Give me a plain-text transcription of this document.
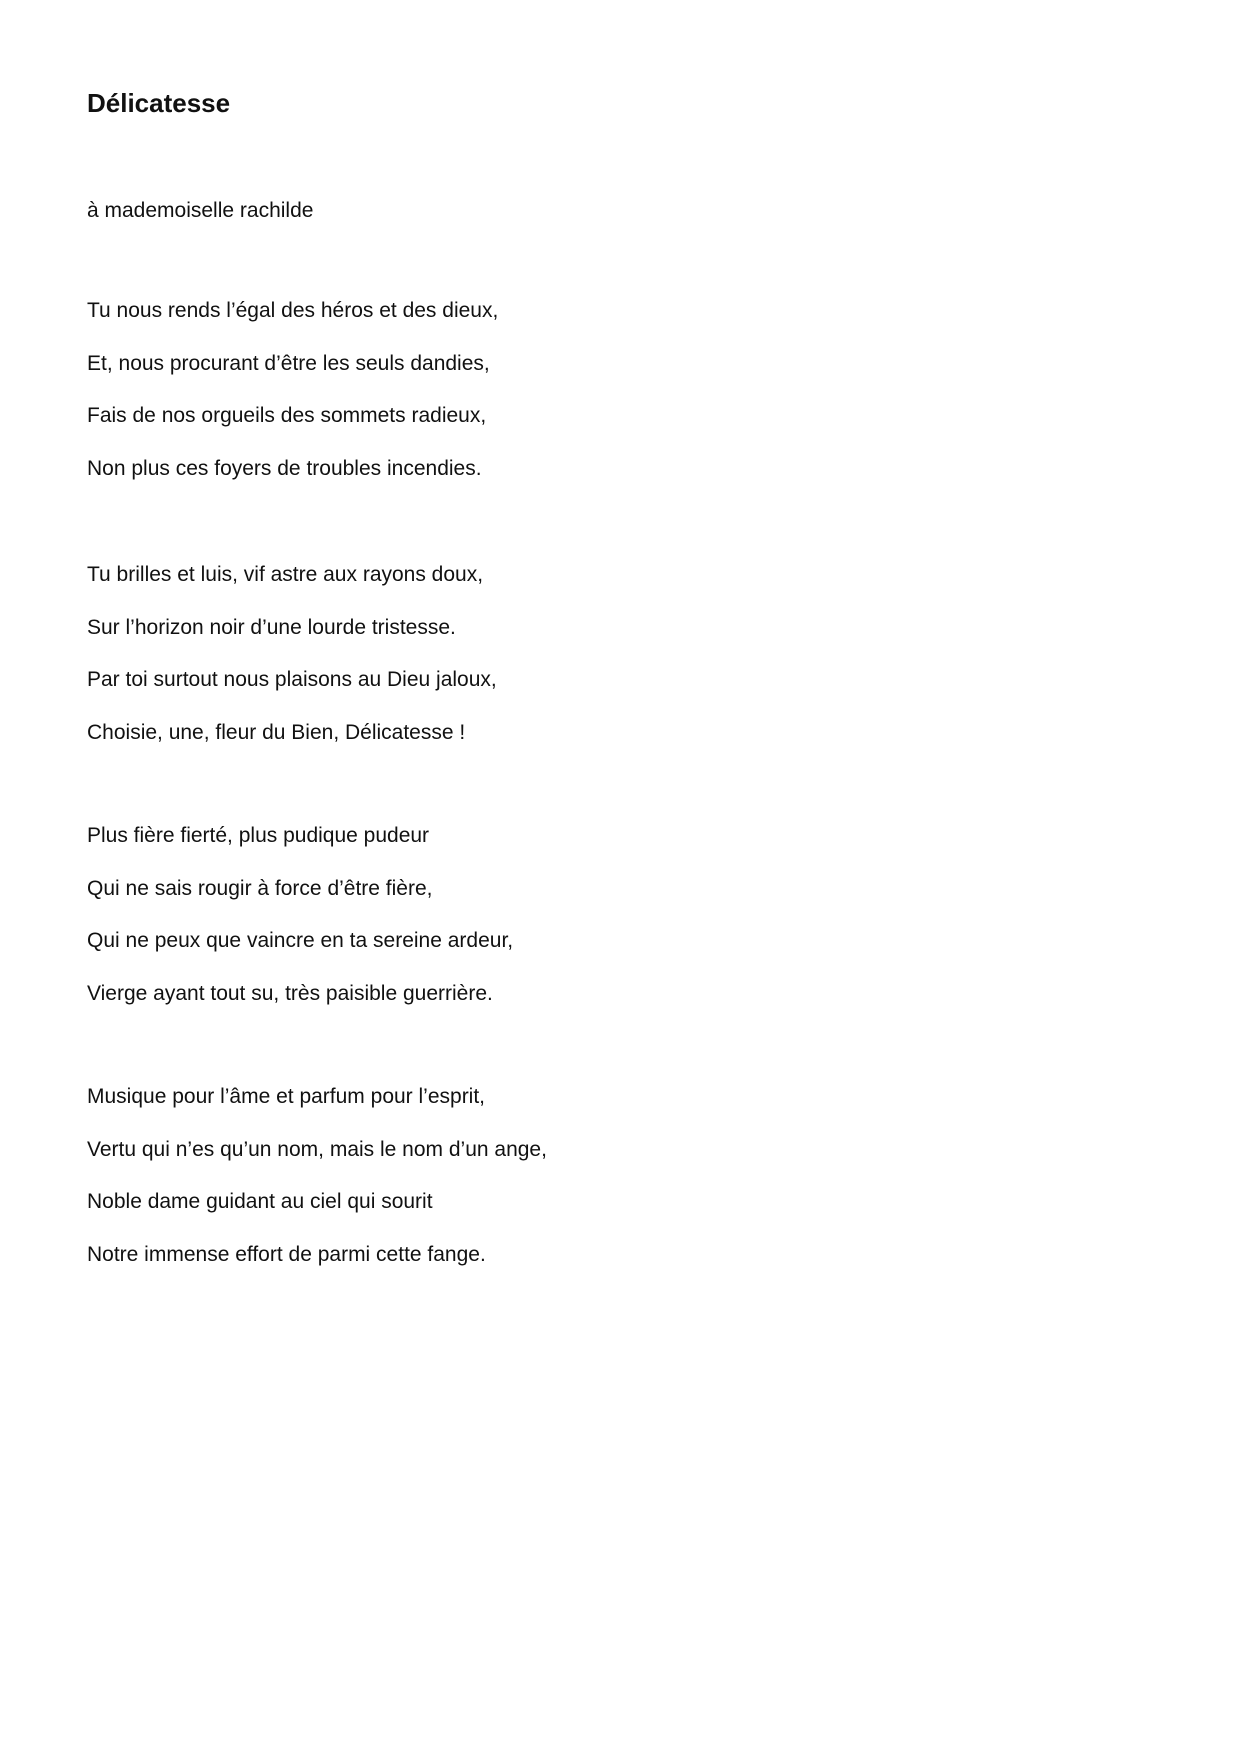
Délicatesse

à mademoiselle rachilde

Tu nous rends l’égal des héros et des dieux,
Et, nous procurant d’être les seuls dandies,
Fais de nos orgueils des sommets radieux,
Non plus ces foyers de troubles incendies.
Tu brilles et luis, vif astre aux rayons doux,
Sur l’horizon noir d’une lourde tristesse.
Par toi surtout nous plaisons au Dieu jaloux,
Choisie, une, fleur du Bien, Délicatesse !
Plus fière fierté, plus pudique pudeur
Qui ne sais rougir à force d’être fière,
Qui ne peux que vaincre en ta sereine ardeur,
Vierge ayant tout su, très paisible guerrière.
Musique pour l’âme et parfum pour l’esprit,
Vertu qui n’es qu’un nom, mais le nom d’un ange,
Noble dame guidant au ciel qui sourit
Notre immense effort de parmi cette fange.
